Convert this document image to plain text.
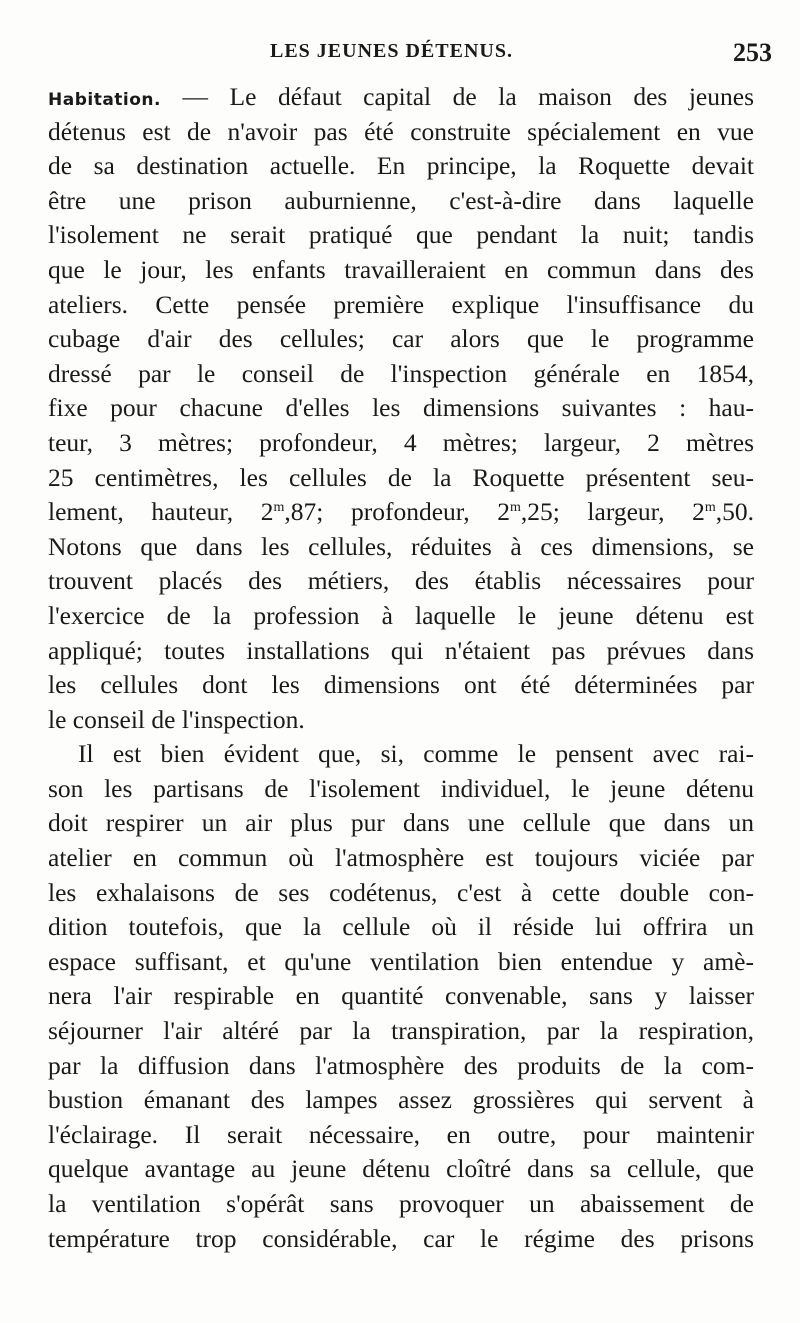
LES JEUNES DÉTENUS.	253
Habitation. — Le défaut capital de la maison des jeunes
détenus est de n'avoir pas été construite spécialement en vue
de sa destination actuelle. En principe, la Roquette devait
être une prison auburnienne, c'est-à-dire dans laquelle
l'isolement ne serait pratiqué que pendant la nuit; tandis
que le jour, les enfants travailleraient en commun dans des
ateliers. Cette pensée première explique l'insuffisance du
cubage d'air des cellules; car alors que le programme
dressé par le conseil de l'inspection générale en 1854,
fixe pour chacune d'elles les dimensions suivantes : hau-
teur, 3 mètres; profondeur, 4 mètres; largeur, 2 mètres
25 centimètres, les cellules de la Roquette présentent seu-
lement, hauteur, 2$^m$,87; profondeur, 2$^m$,25; largeur, 2$^m$,50.
Notons que dans les cellules, réduites à ces dimensions, se
trouvent placés des métiers, des établis nécessaires pour
l'exercice de la profession à laquelle le jeune détenu est
appliqué; toutes installations qui n'étaient pas prévues dans
les cellules dont les dimensions ont été déterminées par
le conseil de l'inspection.
Il est bien évident que, si, comme le pensent avec rai-
son les partisans de l'isolement individuel, le jeune détenu
doit respirer un air plus pur dans une cellule que dans un
atelier en commun où l'atmosphère est toujours viciée par
les exhalaisons de ses codétenus, c'est à cette double con-
dition toutefois, que la cellule où il réside lui offrira un
espace suffisant, et qu'une ventilation bien entendue y amè-
nera l'air respirable en quantité convenable, sans y laisser
séjourner l'air altéré par la transpiration, par la respiration,
par la diffusion dans l'atmosphère des produits de la com-
bustion émanant des lampes assez grossières qui servent à
l'éclairage. Il serait nécessaire, en outre, pour maintenir
quelque avantage au jeune détenu cloîtré dans sa cellule, que
la ventilation s'opérât sans provoquer un abaissement de
température trop considérable, car le régime des prisons
